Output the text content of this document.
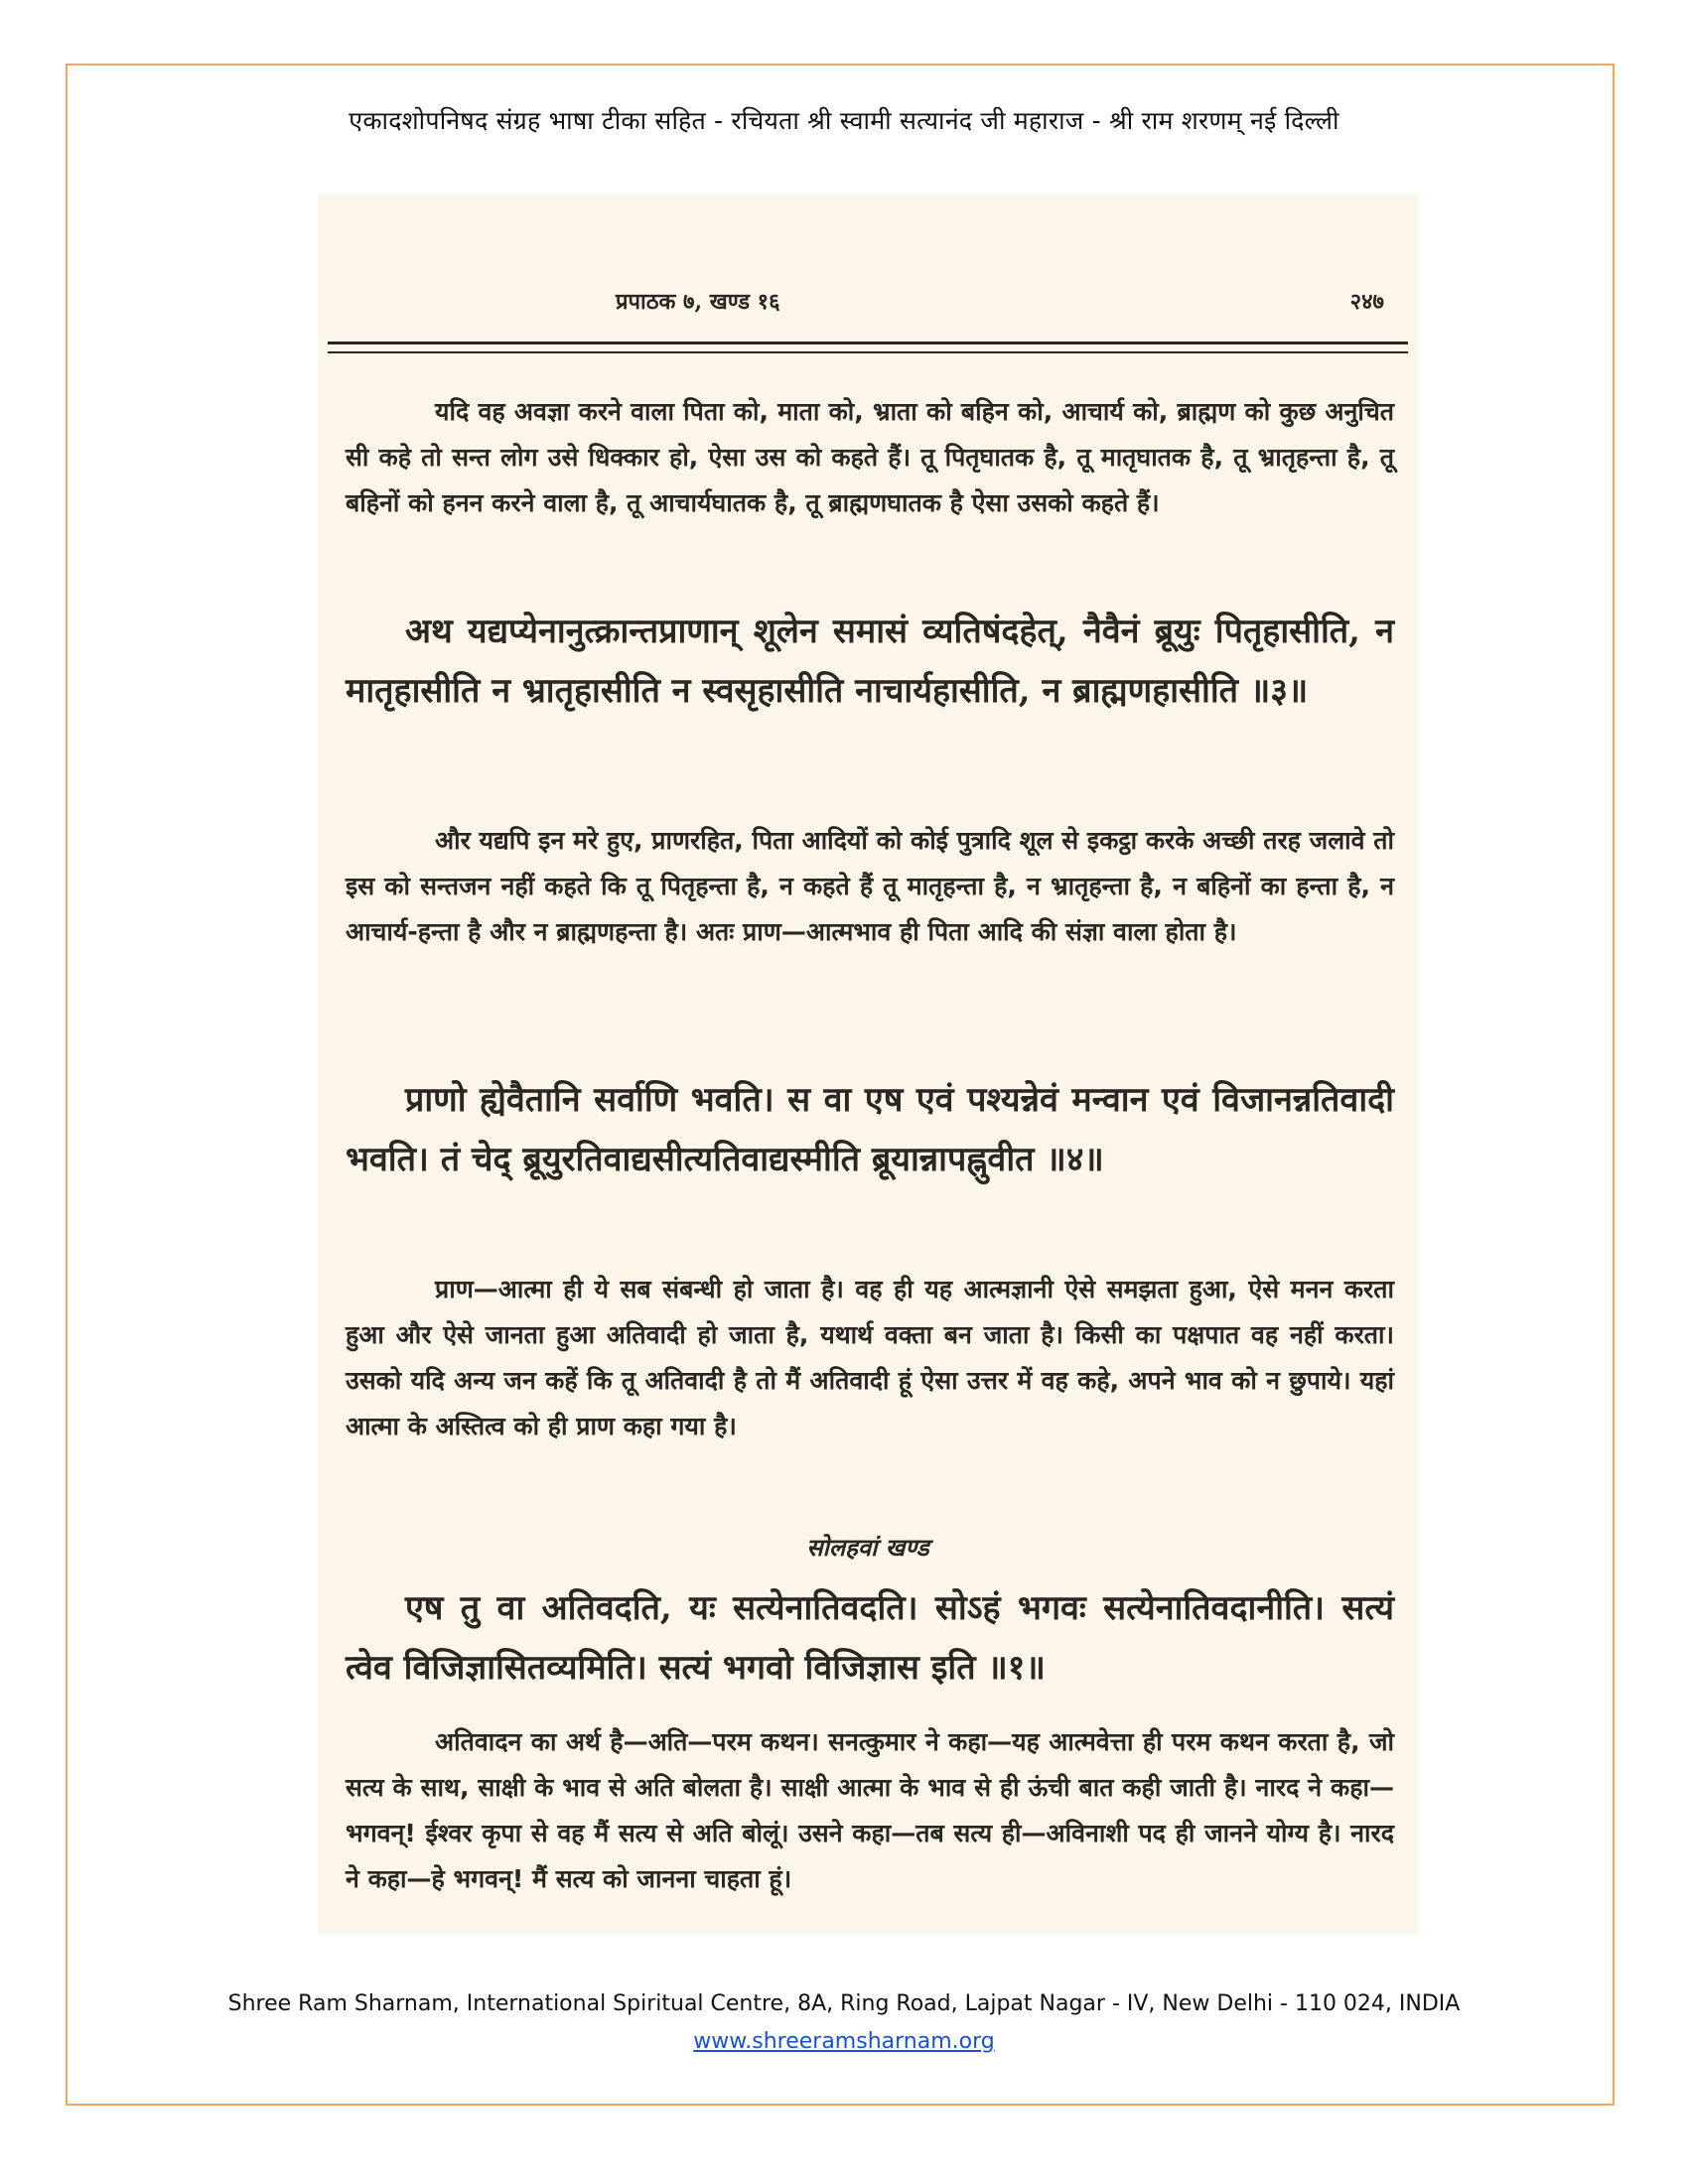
एकादशोपनिषद संग्रह भाषा टीका सहित - रचियता श्री स्वामी सत्यानंद जी महाराज - श्री राम शरणम् नई दिल्ली
प्रपाठक ७, खण्ड १६	२४७
यदि वह अवज्ञा करने वाला पिता को, माता को, भ्राता को बहिन को, आचार्य को, ब्राह्मण को कुछ अनुचित सी कहे तो सन्त लोग उसे धिक्कार हो, ऐसा उस को कहते हैं। तू पितृघातक है, तू मातृघातक है, तू भ्रातृहन्ता है, तू बहिनों को हनन करने वाला है, तू आचार्यघातक है, तू ब्राह्मणघातक है ऐसा उसको कहते हैं।
अथ यद्यप्येनानुत्क्रान्तप्राणान् शूलेन समासं व्यतिषंदहेत्, नैवैनं ब्रूयुः पितृहासीति, न मातृहासीति न भ्रातृहासीति न स्वसृहासीति नाचार्यहासीति, न ब्राह्मणहासीति ॥३॥
और यद्यपि इन मरे हुए, प्राणरहित, पिता आदियों को कोई पुत्रादि शूल से इकट्ठा करके अच्छी तरह जलावे तो इस को सन्तजन नहीं कहते कि तू पितृहन्ता है, न कहते हैं तू मातृहन्ता है, न भ्रातृहन्ता है, न बहिनों का हन्ता है, न आचार्य-हन्ता है और न ब्राह्मणहन्ता है। अतः प्राण—आत्मभाव ही पिता आदि की संज्ञा वाला होता है।
प्राणो ह्येवैतानि सर्वाणि भवति। स वा एष एवं पश्यन्नेवं मन्वान एवं विजानन्नतिवादी भवति। तं चेद् ब्रूयुरतिवाद्यसीत्यतिवाद्यस्मीति ब्रूयान्नापह्नुवीत ॥४॥
प्राण—आत्मा ही ये सब संबन्धी हो जाता है। वह ही यह आत्मज्ञानी ऐसे समझता हुआ, ऐसे मनन करता हुआ और ऐसे जानता हुआ अतिवादी हो जाता है, यथार्थ वक्ता बन जाता है। किसी का पक्षपात वह नहीं करता। उसको यदि अन्य जन कहें कि तू अतिवादी है तो मैं अतिवादी हूं ऐसा उत्तर में वह कहे, अपने भाव को न छुपाये। यहां आत्मा के अस्तित्व को ही प्राण कहा गया है।
सोलहवां खण्ड
एष तु वा अतिवदति, यः सत्येनातिवदति। सोऽहं भगवः सत्येनातिवदानीति। सत्यं त्वेव विजिज्ञासितव्यमिति। सत्यं भगवो विजिज्ञास इति ॥१॥
अतिवादन का अर्थ है—अति—परम कथन। सनत्कुमार ने कहा—यह आत्मवेत्ता ही परम कथन करता है, जो सत्य के साथ, साक्षी के भाव से अति बोलता है। साक्षी आत्मा के भाव से ही ऊंची बात कही जाती है। नारद ने कहा—भगवन्! ईश्वर कृपा से वह मैं सत्य से अति बोलूं। उसने कहा—तब सत्य ही—अविनाशी पद ही जानने योग्य है। नारद ने कहा—हे भगवन्! मैं सत्य को जानना चाहता हूं।
Shree Ram Sharnam, International Spiritual Centre, 8A, Ring Road, Lajpat Nagar - IV, New Delhi - 110 024, INDIA
www.shreeramsharnam.org
